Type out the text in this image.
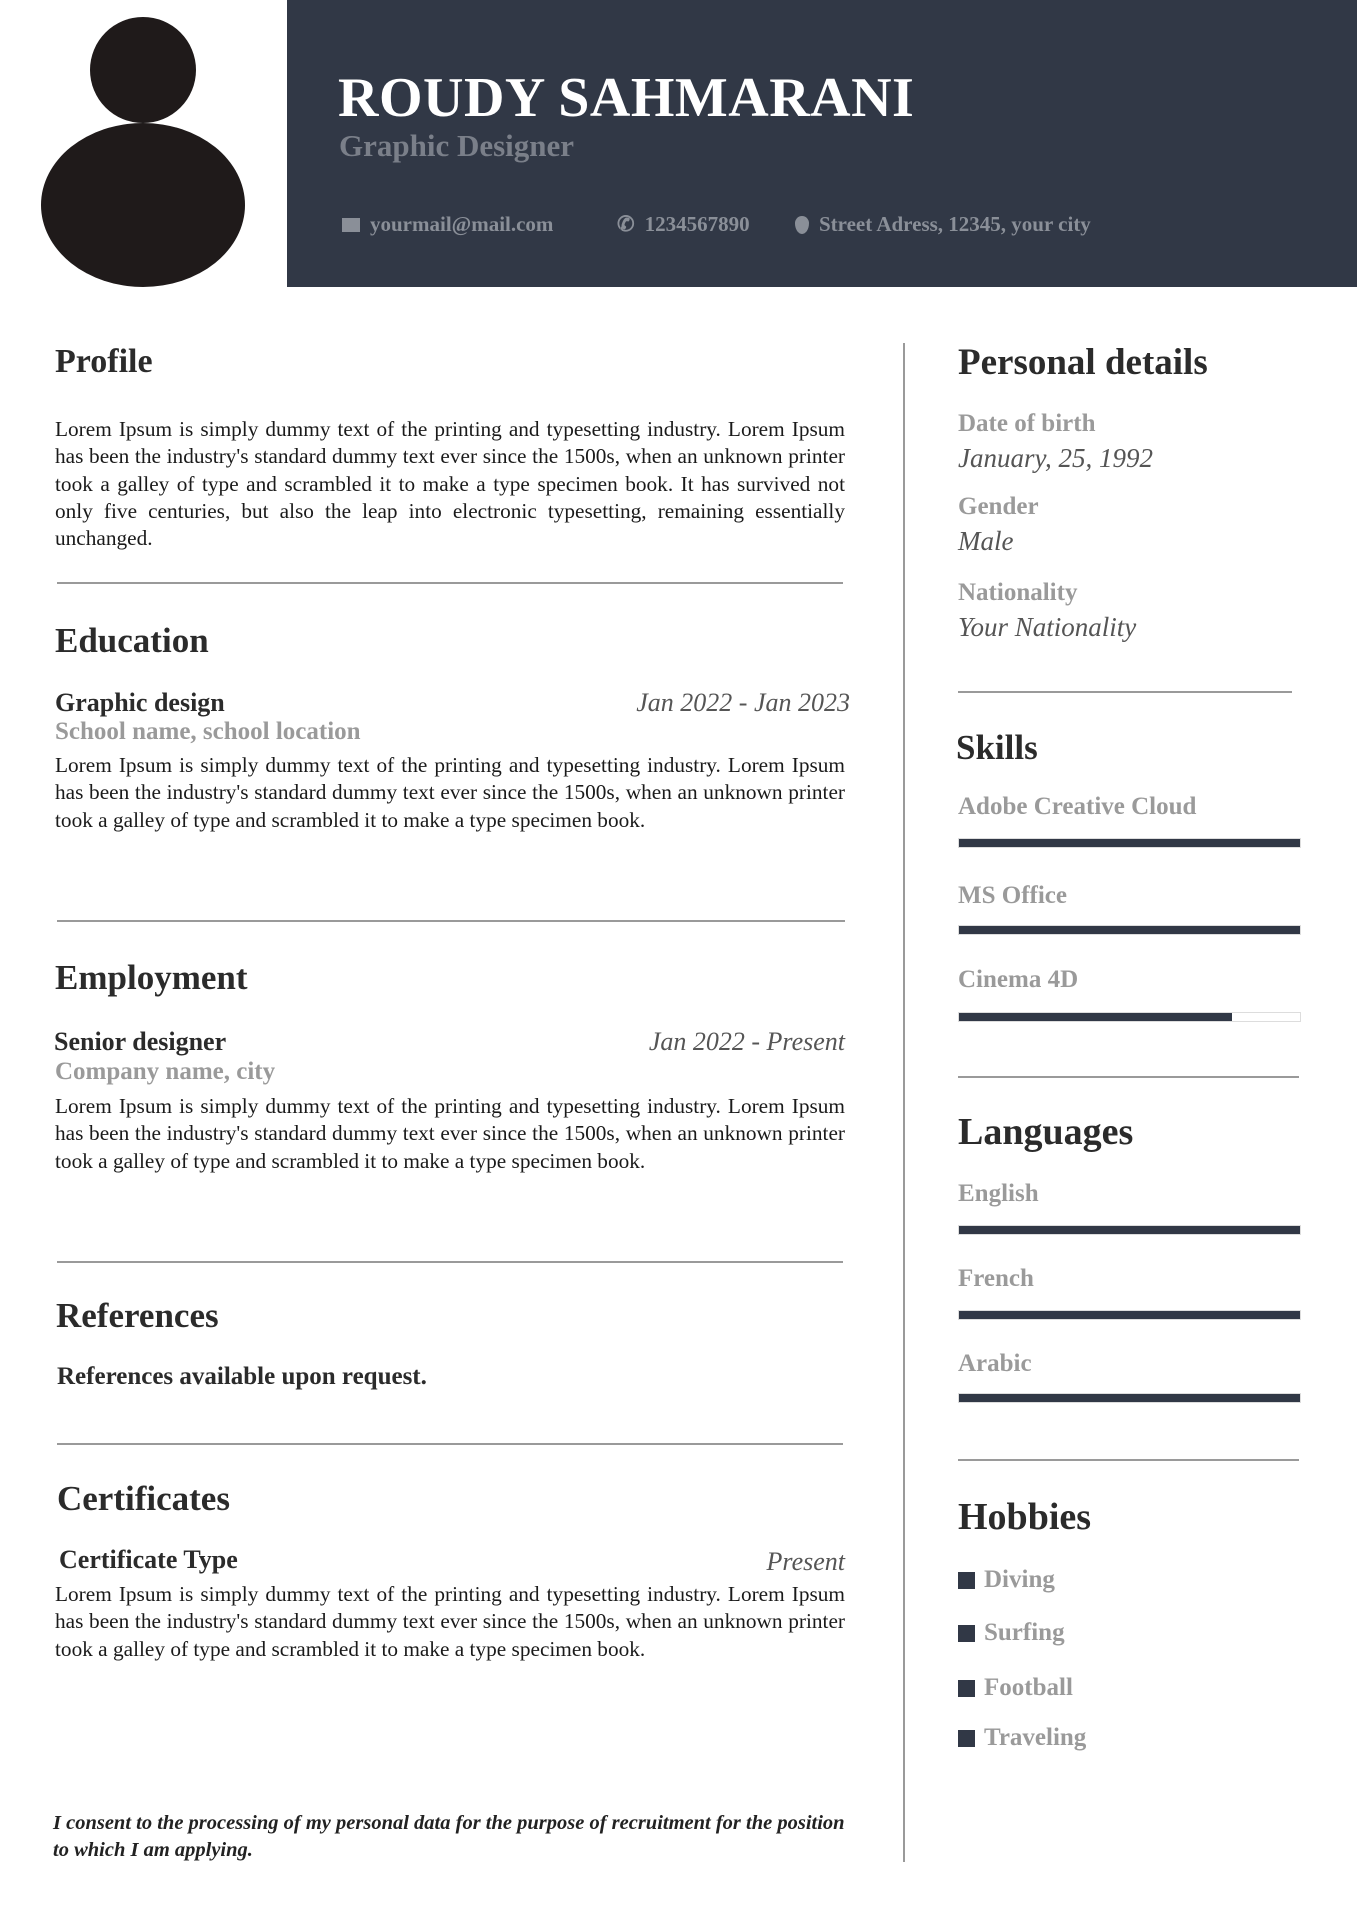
ROUDY SAHMARANI
Graphic Designer
yourmail@mail.com	✆ 1234567890	Street Adress, 12345, your city
Profile
Lorem Ipsum is simply dummy text of the printing and typesetting industry. Lorem Ipsum has been the industry's standard dummy text ever since the 1500s, when an unknown printer took a galley of type and scrambled it to make a type specimen book. It has survived not only five centuries, but also the leap into electronic typesetting, remaining essentially unchanged.
Education
Graphic design	Jan 2022 - Jan 2023
School name, school location
Lorem Ipsum is simply dummy text of the printing and typesetting industry. Lorem Ipsum has been the industry's standard dummy text ever since the 1500s, when an unknown printer took a galley of type and scrambled it to make a type specimen book.
Employment
Senior designer	Jan 2022 - Present
Company name, city
Lorem Ipsum is simply dummy text of the printing and typesetting industry. Lorem Ipsum has been the industry's standard dummy text ever since the 1500s, when an unknown printer took a galley of type and scrambled it to make a type specimen book.
References
References available upon request.
Certificates
Certificate Type	Present
Lorem Ipsum is simply dummy text of the printing and typesetting industry. Lorem Ipsum has been the industry's standard dummy text ever since the 1500s, when an unknown printer took a galley of type and scrambled it to make a type specimen book.
I consent to the processing of my personal data for the purpose of recruitment for the position to which I am applying.
Personal details
Date of birth
January, 25, 1992
Gender
Male
Nationality
Your Nationality
Skills
Adobe Creative Cloud
MS Office
Cinema 4D
Languages
English
French
Arabic
Hobbies
Diving
Surfing
Football
Traveling
